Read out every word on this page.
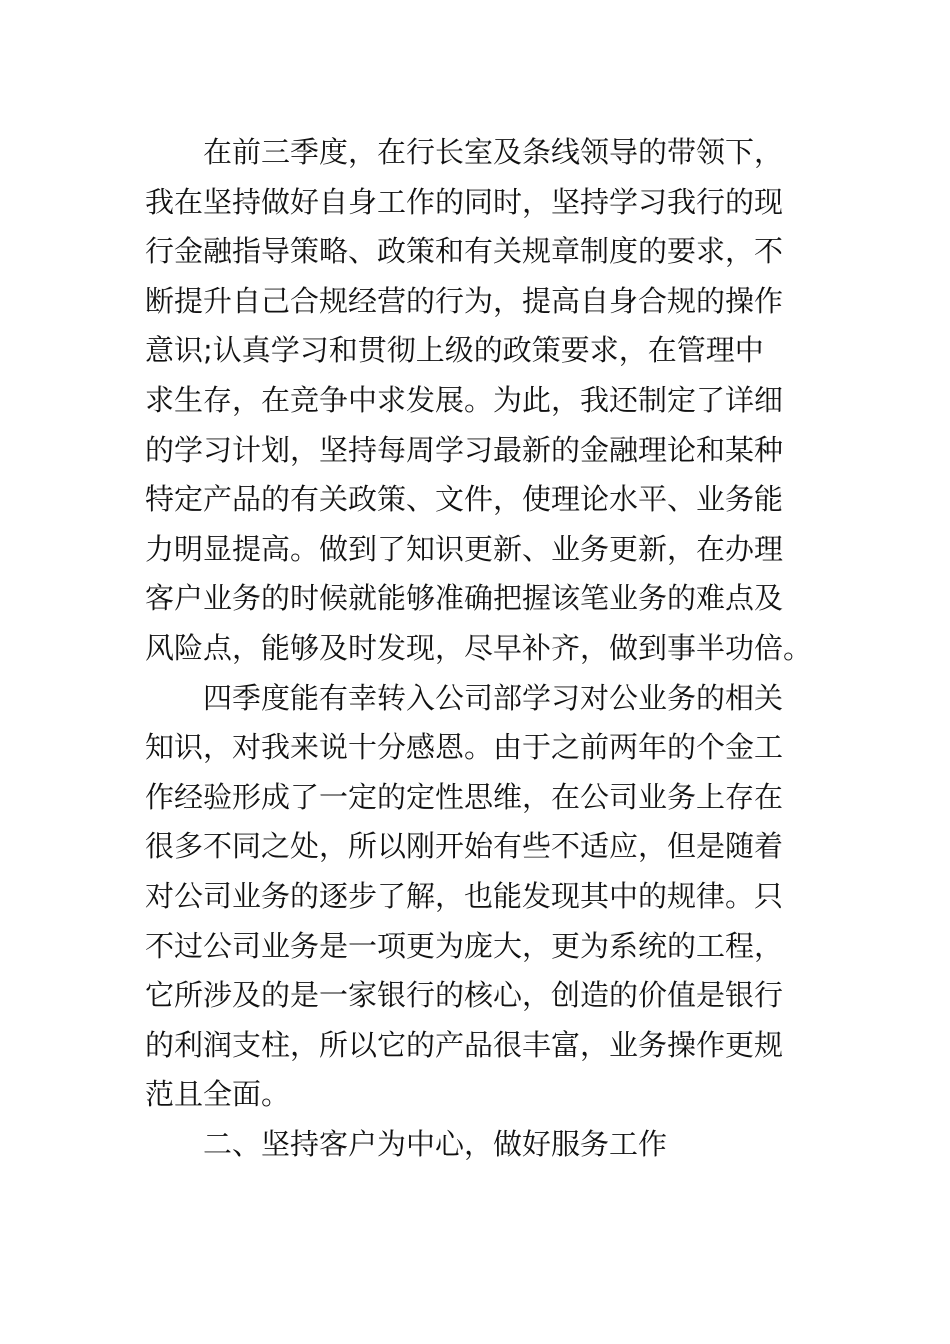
在前三季度，在行长室及条线领导的带领下，
我在坚持做好自身工作的同时，坚持学习我行的现
行金融指导策略、政策和有关规章制度的要求，不
断提升自己合规经营的行为，提高自身合规的操作
意识;认真学习和贯彻上级的政策要求，在管理中
求生存，在竞争中求发展。为此，我还制定了详细
的学习计划，坚持每周学习最新的金融理论和某种
特定产品的有关政策、文件，使理论水平、业务能
力明显提高。做到了知识更新、业务更新，在办理
客户业务的时候就能够准确把握该笔业务的难点及
风险点，能够及时发现，尽早补齐，做到事半功倍。
四季度能有幸转入公司部学习对公业务的相关
知识，对我来说十分感恩。由于之前两年的个金工
作经验形成了一定的定性思维，在公司业务上存在
很多不同之处，所以刚开始有些不适应，但是随着
对公司业务的逐步了解，也能发现其中的规律。只
不过公司业务是一项更为庞大，更为系统的工程，
它所涉及的是一家银行的核心，创造的价值是银行
的利润支柱，所以它的产品很丰富，业务操作更规
范且全面。
二、坚持客户为中心，做好服务工作
